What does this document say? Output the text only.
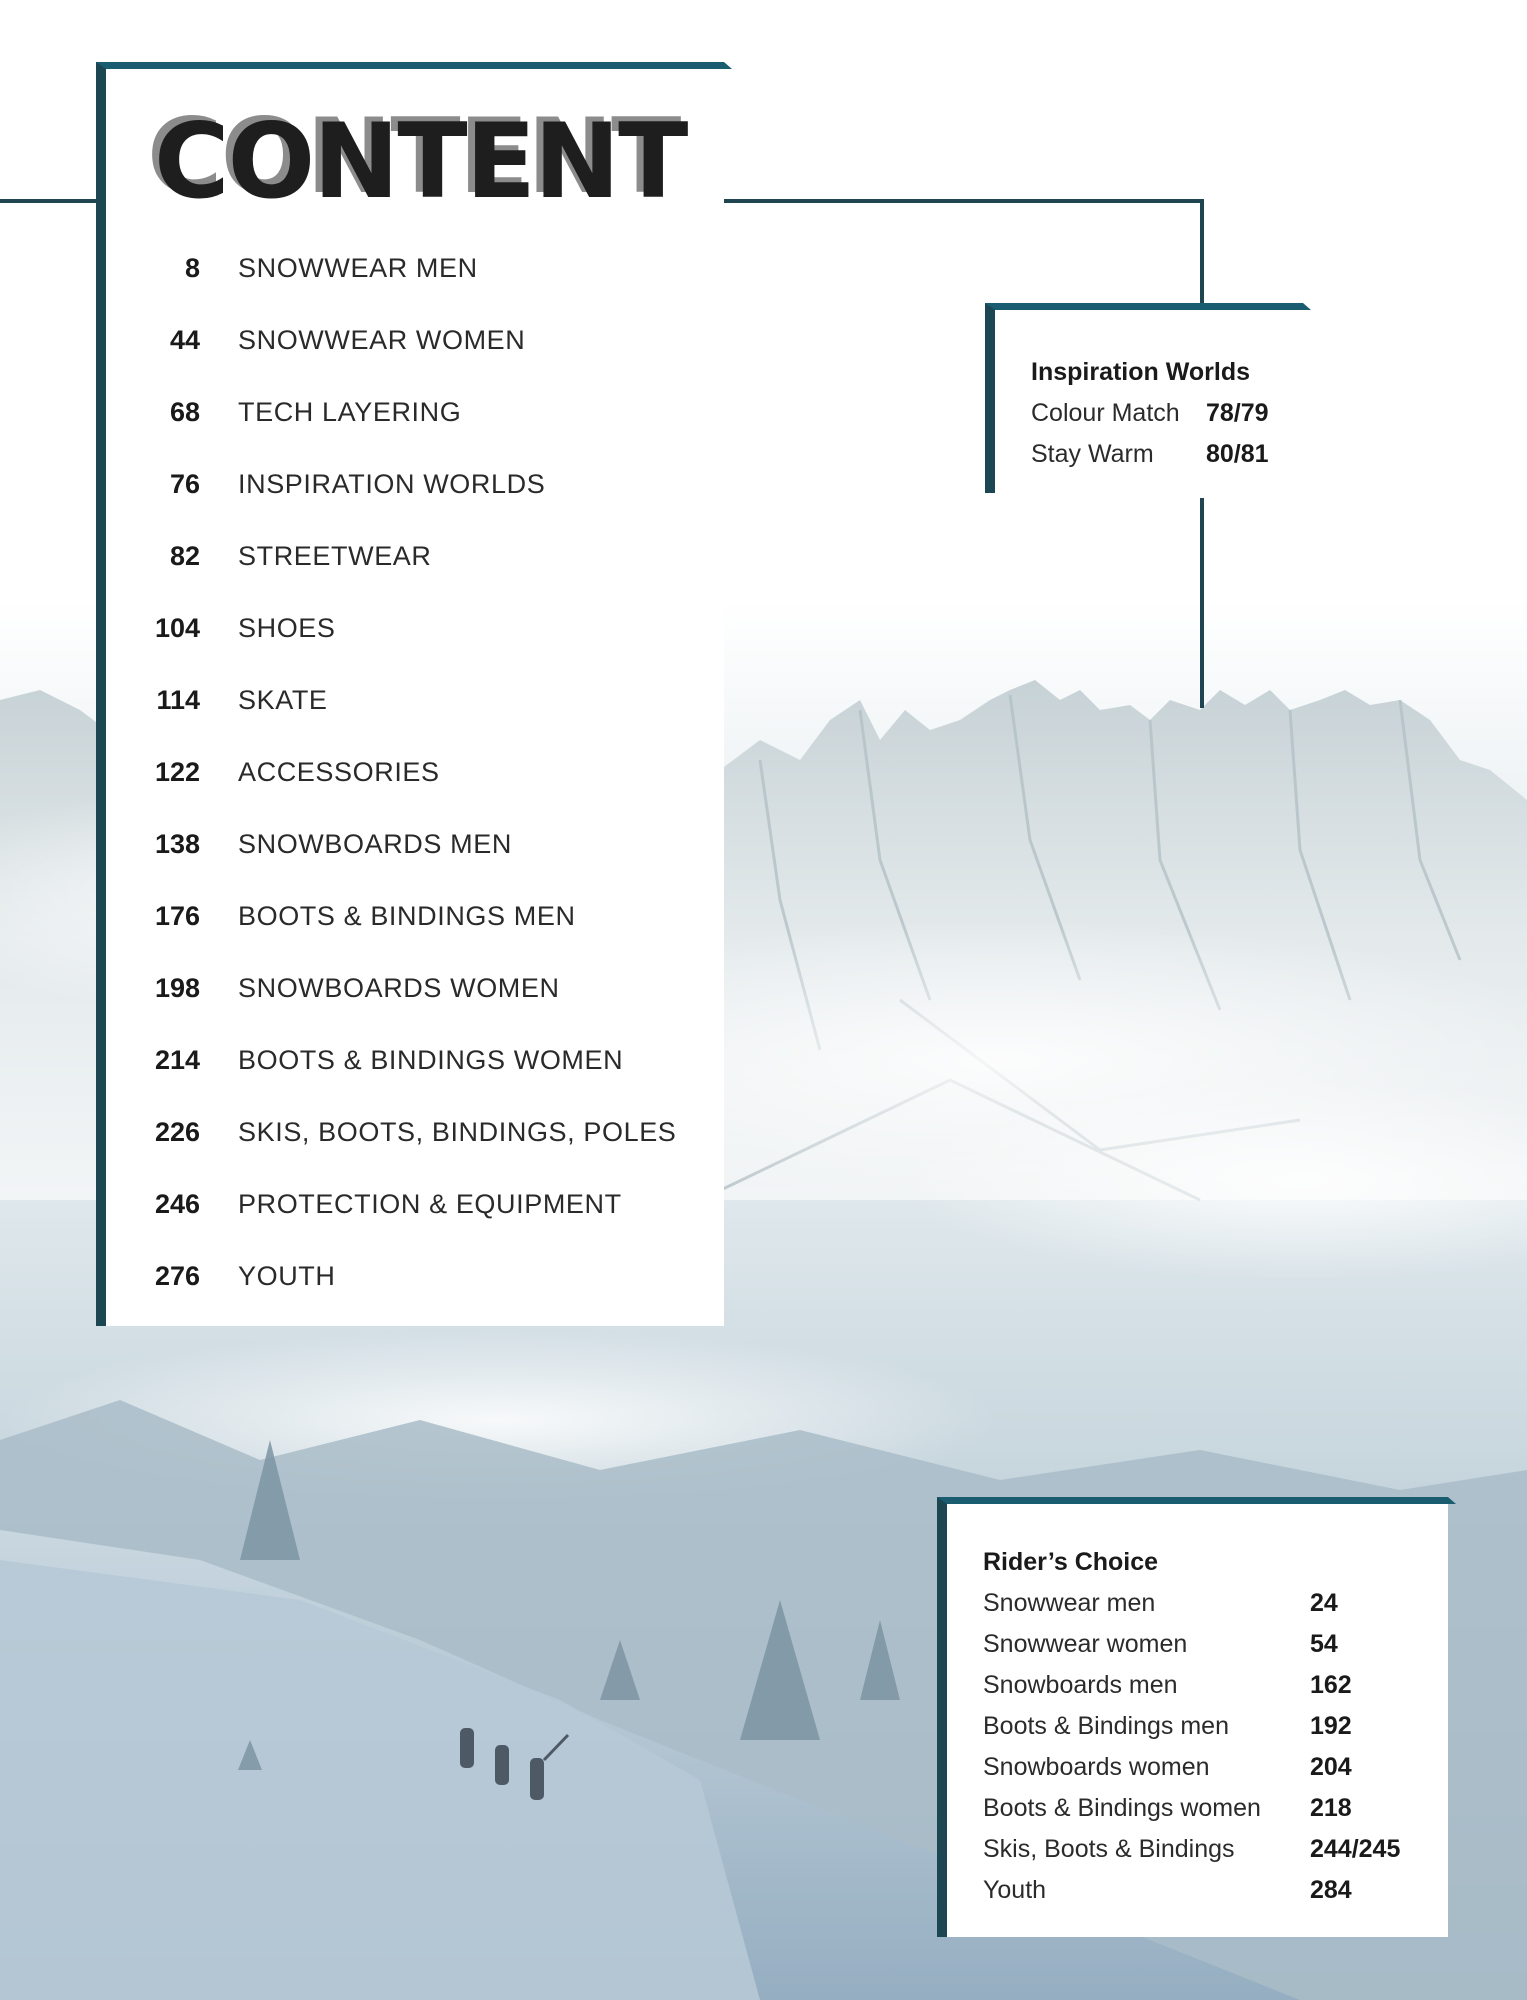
CONTENT
8 SNOWWEAR MEN
44 SNOWWEAR WOMEN
68 TECH LAYERING
76 INSPIRATION WORLDS
82 STREETWEAR
104 SHOES
114 SKATE
122 ACCESSORIES
138 SNOWBOARDS MEN
176 BOOTS & BINDINGS MEN
198 SNOWBOARDS WOMEN
214 BOOTS & BINDINGS WOMEN
226 SKIS, BOOTS, BINDINGS, POLES
246 PROTECTION & EQUIPMENT
276 YOUTH
Inspiration Worlds
Colour Match 78/79
Stay Warm 80/81
Rider’s Choice
Snowwear men	24
Snowwear women	54
Snowboards men	162
Boots & Bindings men	192
Snowboards women	204
Boots & Bindings women 218
Skis, Boots & Bindings	244/245
Youth	284
